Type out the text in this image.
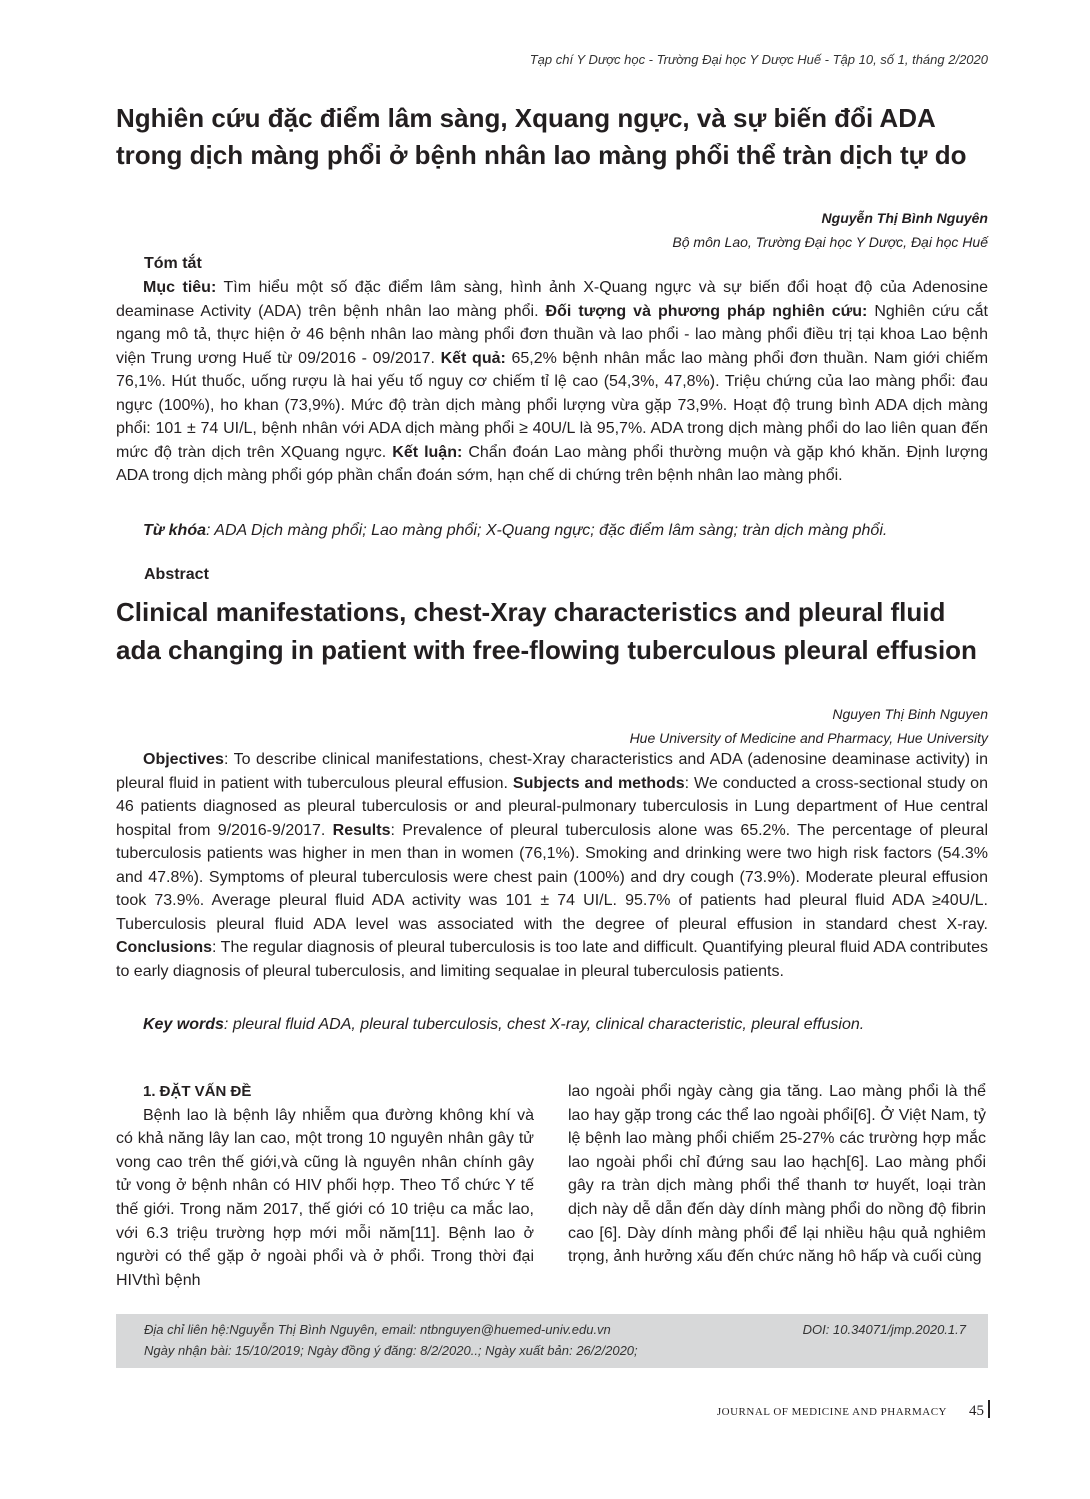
Tạp chí Y Dược học - Trường Đại học Y Dược Huế - Tập 10, số 1, tháng 2/2020
Nghiên cứu đặc điểm lâm sàng, Xquang ngực, và sự biến đổi ADA trong dịch màng phổi ở bệnh nhân lao màng phổi thể tràn dịch tự do
Nguyễn Thị Bình Nguyên
Bộ môn Lao, Trường Đại học Y Dược, Đại học Huế
Tóm tắt

Mục tiêu: Tìm hiểu một số đặc điểm lâm sàng, hình ảnh X-Quang ngực và sự biến đổi hoạt độ của Adenosine deaminase Activity (ADA) trên bệnh nhân lao màng phổi. Đối tượng và phương pháp nghiên cứu: Nghiên cứu cắt ngang mô tả, thực hiện ở 46 bệnh nhân lao màng phổi đơn thuần và lao phổi - lao màng phổi điều trị tại khoa Lao bệnh viện Trung ương Huế từ 09/2016 - 09/2017. Kết quả: 65,2% bệnh nhân mắc lao màng phổi đơn thuần. Nam giới chiếm 76,1%. Hút thuốc, uống rượu là hai yếu tố nguy cơ chiếm tỉ lệ cao (54,3%, 47,8%). Triệu chứng của lao màng phổi: đau ngực (100%), ho khan (73,9%). Mức độ tràn dịch màng phổi lượng vừa gặp 73,9%. Hoạt độ trung bình ADA dịch màng phổi: 101 ± 74 UI/L, bệnh nhân với ADA dịch màng phổi ≥ 40U/L là 95,7%. ADA trong dịch màng phổi do lao liên quan đến mức độ tràn dịch trên XQuang ngực. Kết luận: Chẩn đoán Lao màng phổi thường muộn và gặp khó khăn. Định lượng ADA trong dịch màng phổi góp phần chẩn đoán sớm, hạn chế di chứng trên bệnh nhân lao màng phổi.

Từ khóa: ADA Dịch màng phổi; Lao màng phổi; X-Quang ngực; đặc điểm lâm sàng; tràn dịch màng phổi.

Abstract
Clinical manifestations, chest-Xray characteristics and pleural fluid ada changing in patient with free-flowing tuberculous pleural effusion
Nguyen Thị Binh Nguyen
Hue University of Medicine and Pharmacy, Hue University

Objectives: To describe clinical manifestations, chest-Xray characteristics and ADA (adenosine deaminase activity) in pleural fluid in patient with tuberculous pleural effusion. Subjects and methods: We conducted a cross-sectional study on 46 patients diagnosed as pleural tuberculosis or and pleural-pulmonary tuberculosis in Lung department of Hue central hospital from 9/2016-9/2017. Results: Prevalence of pleural tuberculosis alone was 65.2%. The percentage of pleural tuberculosis patients was higher in men than in women (76,1%). Smoking and drinking were two high risk factors (54.3% and 47.8%). Symptoms of pleural tuberculosis were chest pain (100%) and dry cough (73.9%). Moderate pleural effusion took 73.9%. Average pleural fluid ADA activity was 101 ± 74 UI/L. 95.7% of patients had pleural fluid ADA ≥40U/L. Tuberculosis pleural fluid ADA level was associated with the degree of pleural effusion in standard chest X-ray. Conclusions: The regular diagnosis of pleural tuberculosis is too late and difficult. Quantifying pleural fluid ADA contributes to early diagnosis of pleural tuberculosis, and limiting sequalae in pleural tuberculosis patients.

Key words: pleural fluid ADA, pleural tuberculosis, chest X-ray, clinical characteristic, pleural effusion.

1. ĐẶT VẤN ĐỀ

Bệnh lao là bệnh lây nhiễm qua đường không khí và có khả năng lây lan cao, một trong 10 nguyên nhân gây tử vong cao trên thế giới,và cũng là nguyên nhân chính gây tử vong ở bệnh nhân có HIV phối hợp. Theo Tổ chức Y tế thế giới. Trong năm 2017, thế giới có 10 triệu ca mắc lao, với 6.3 triệu trường hợp mới mỗi năm[11]. Bệnh lao ở người có thể gặp ở ngoài phổi và ở phổi. Trong thời đại HIVthì bệnh

lao ngoài phổi ngày càng gia tăng. Lao màng phổi là thể lao hay gặp trong các thể lao ngoài phổi[6]. Ở Việt Nam, tỷ lệ bệnh lao màng phổi chiếm 25-27% các trường hợp mắc lao ngoài phổi chỉ đứng sau lao hạch[6]. Lao màng phổi gây ra tràn dịch màng phổi thể thanh tơ huyết, loại tràn dịch này dễ dẫn đến dày dính màng phổi do nồng độ fibrin cao [6]. Dày dính màng phổi để lại nhiều hậu quả nghiêm trọng, ảnh hưởng xấu đến chức năng hô hấp và cuối cùng

Địa chỉ liên hệ:Nguyễn Thị Bình Nguyên, email: ntbnguyen@huemed-univ.edu.vn	DOI: 10.34071/jmp.2020.1.7
Ngày nhận bài: 15/10/2019; Ngày đồng ý đăng: 8/2/2020..; Ngày xuất bản: 26/2/2020;
JOURNAL OF MEDICINE AND PHARMACY 45
